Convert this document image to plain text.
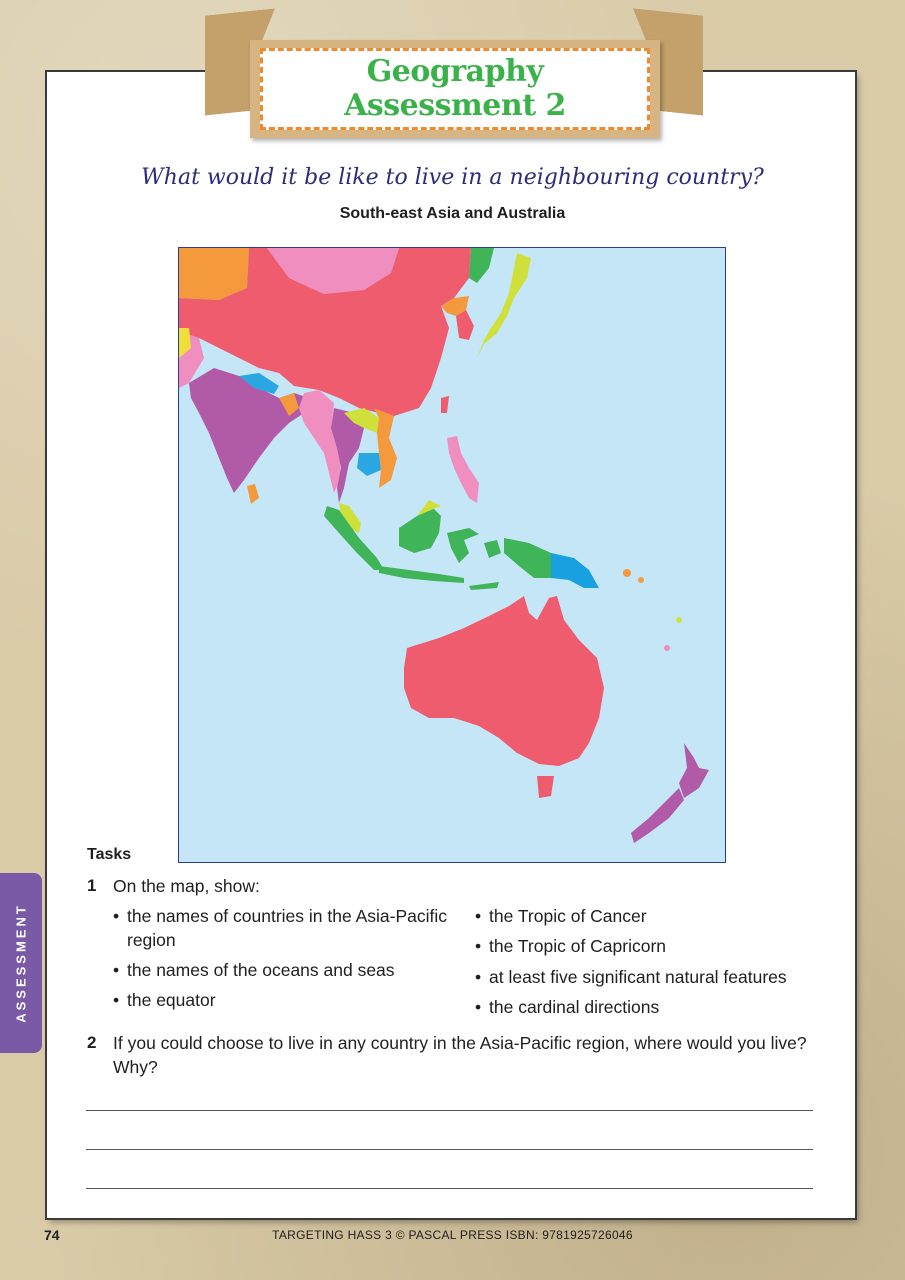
Geography
Assessment 2
What would it be like to live in a neighbouring country?
South-east Asia and Australia
Tasks
1 On the map, show:
• the names of countries in the Asia-Pacific
region
• the names of the oceans and seas
• the equator
• the Tropic of Cancer
• the Tropic of Capricorn
• at least five significant natural features
• the cardinal directions
2 If you could choose to live in any country in the Asia-Pacific region, where would you live?
Why?
ASSESSMENT
74	TARGETING HASS 3 © PASCAL PRESS ISBN: 9781925726046
